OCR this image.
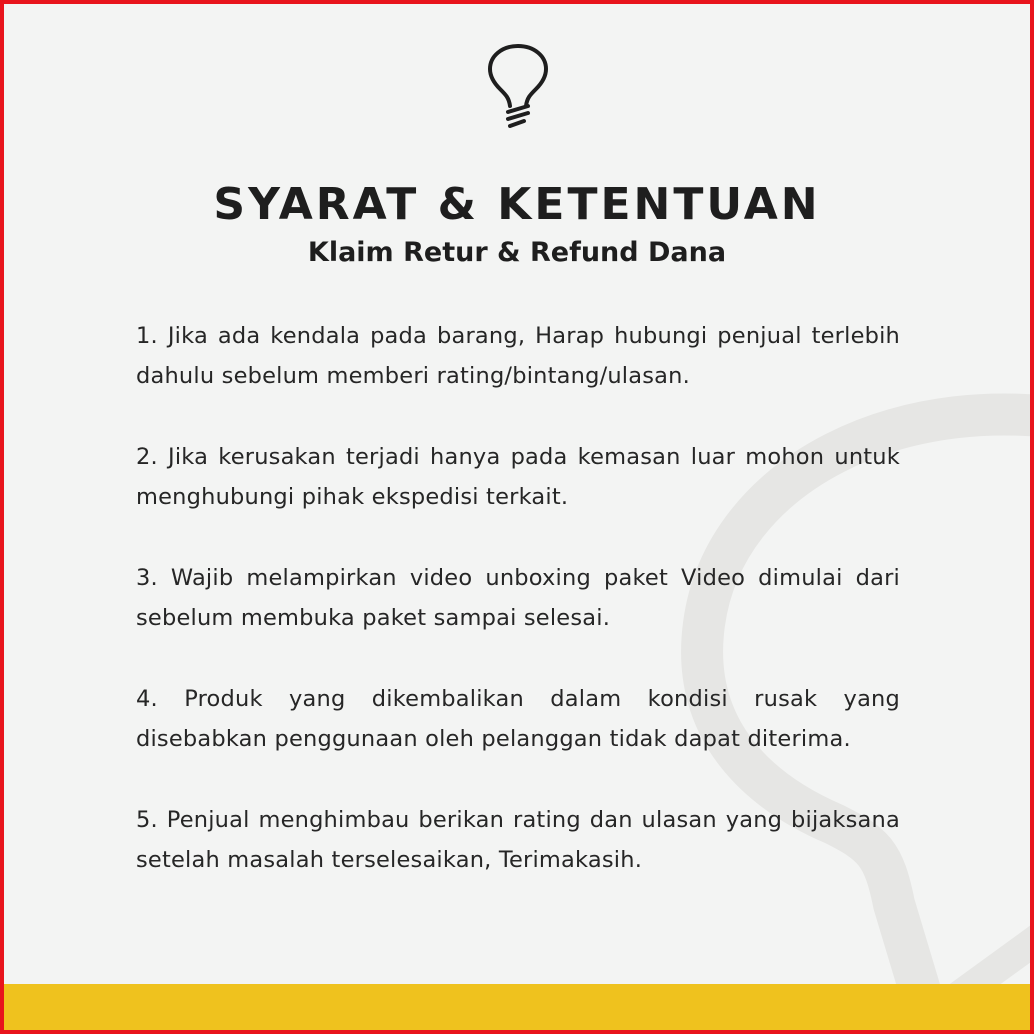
SYARAT & KETENTUAN
Klaim Retur & Refund Dana
1. Jika ada kendala pada barang, Harap hubungi penjual terlebih dahulu sebelum memberi rating/bintang/ulasan.
2. Jika kerusakan terjadi hanya pada kemasan luar mohon untuk menghubungi pihak ekspedisi terkait.
3. Wajib melampirkan video unboxing paket Video dimulai dari sebelum membuka paket sampai selesai.
4. Produk yang dikembalikan dalam kondisi rusak yang disebabkan penggunaan oleh pelanggan tidak dapat diterima.
5. Penjual menghimbau berikan rating dan ulasan yang bijaksana setelah masalah terselesaikan, Terimakasih.
